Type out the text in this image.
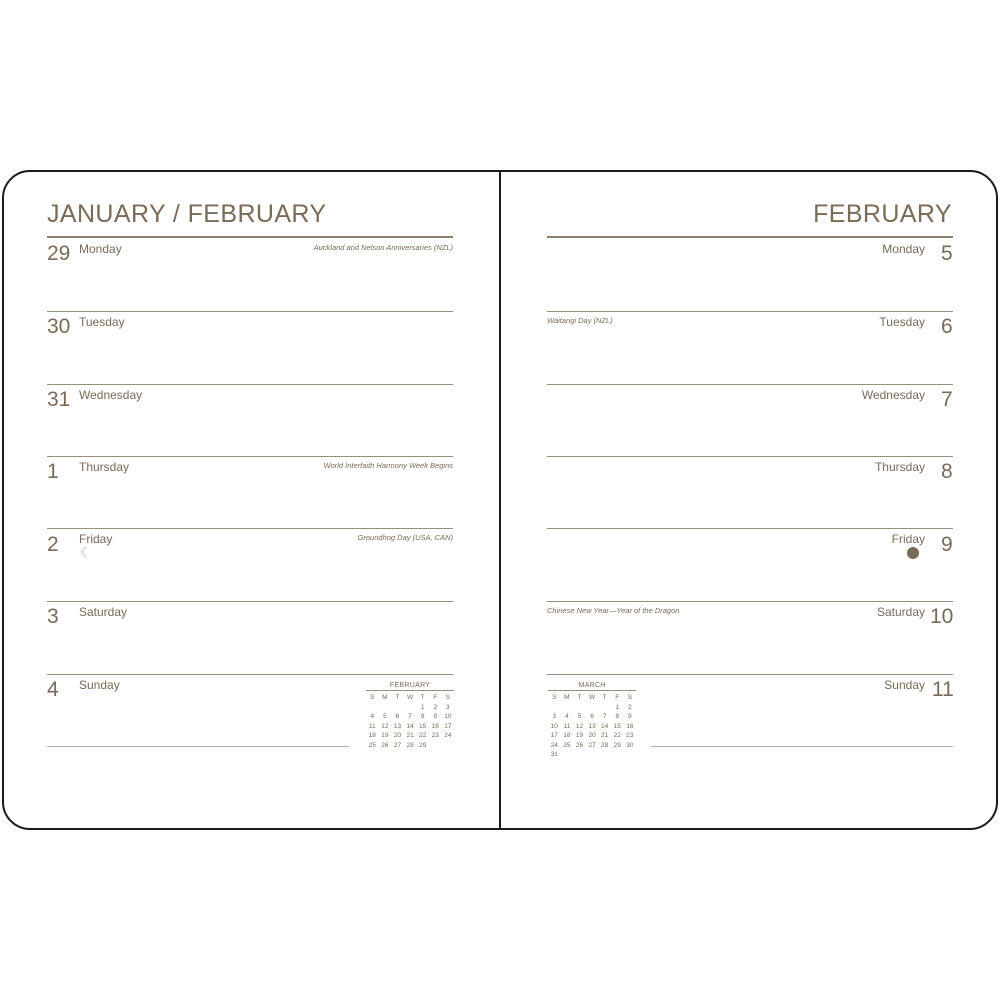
JANUARY / FEBRUARY
29 Monday	Auckland and Nelson Anniversaries (NZL)
30 Tuesday
31 Wednesday
1 Thursday	World Interfaith Harmony Week Begins
2 Friday	Groundhog Day (USA, CAN)
☾
3 Saturday
4 Sunday	FEBRUARY
S	M	T	W	T	F	S
				1	2	3
4	5	6	7	8	9	10
11	12	13	14	15	16	17
18	19	20	21	22	23	24
25	26	27	28	29		
FEBRUARY
5
Monday
6
Tuesday
Waitangi Day (NZL)
7
Wednesday
8
Thursday
9
Friday
10
Saturday
Chinese New Year—Year of the Dragon
11
Sunday
MARCH
S	M	T	W	T	F	S
					1	2
3	4	5	6	7	8	9
10	11	12	13	14	15	16
17	18	19	20	21	22	23
24	25	26	27	28	29	30
31						
